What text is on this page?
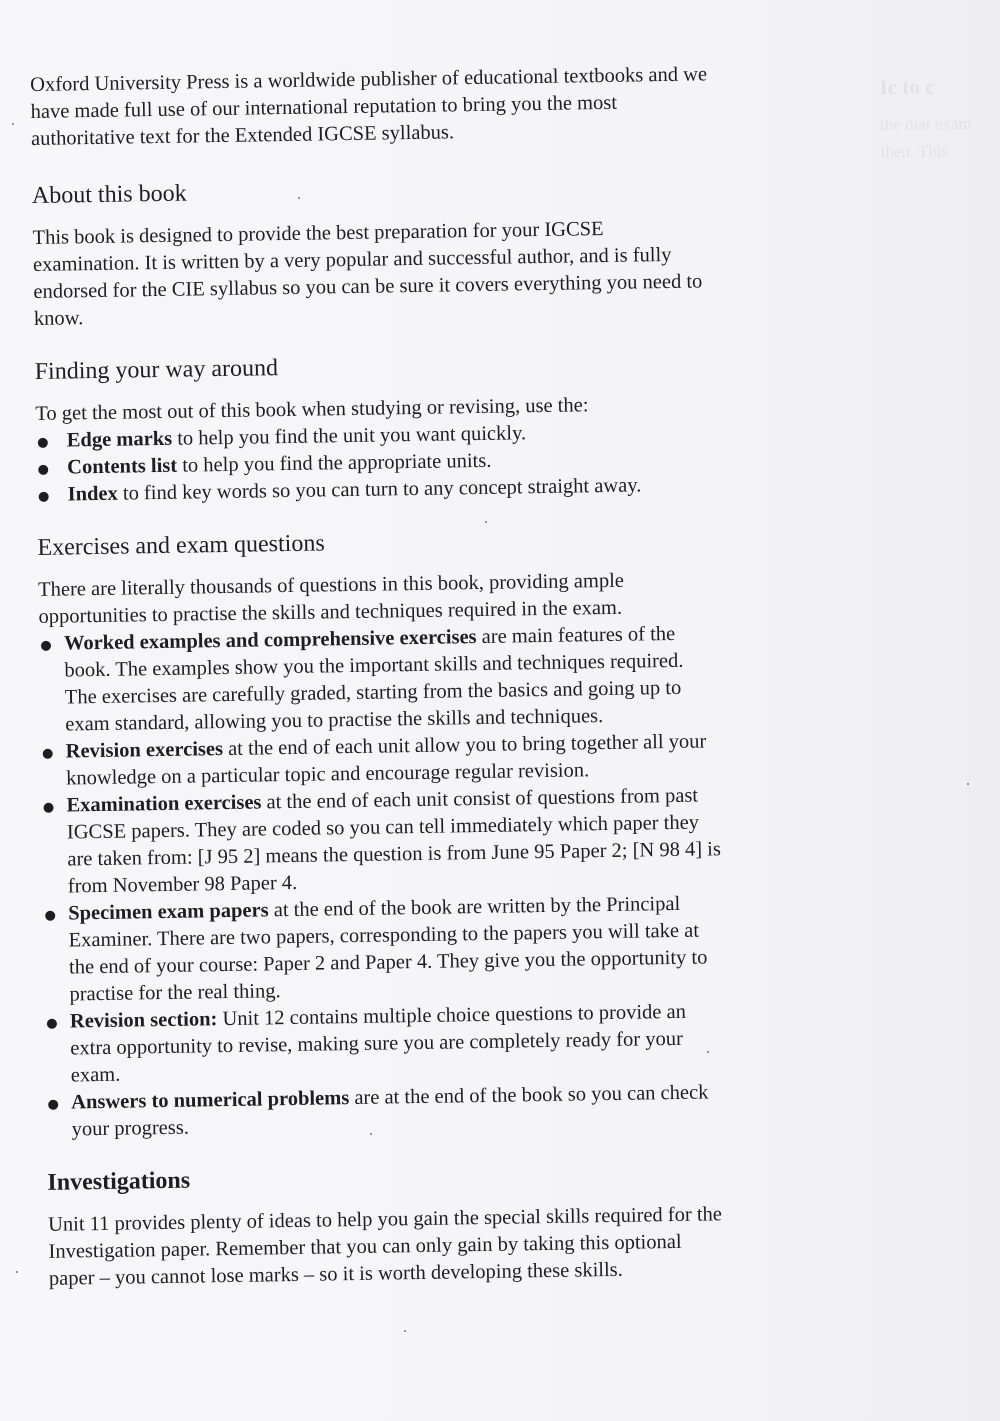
Ic to c
the diat exam
then. This

Oxford University Press is a worldwide publisher of educational textbooks and we have made full use of our international reputation to bring you the most authoritative text for the Extended IGCSE syllabus.

About this book

This book is designed to provide the best preparation for your IGCSE examination. It is written by a very popular and successful author, and is fully endorsed for the CIE syllabus so you can be sure it covers everything you need to know.

Finding your way around

To get the most out of this book when studying or revising, use the:

Edge marks to help you find the unit you want quickly.
Contents list to help you find the appropriate units.
Index to find key words so you can turn to any concept straight away.
Exercises and exam questions

There are literally thousands of questions in this book, providing ample opportunities to practise the skills and techniques required in the exam.

Worked examples and comprehensive exercises are main features of the book. The examples show you the important skills and techniques required. The exercises are carefully graded, starting from the basics and going up to exam standard, allowing you to practise the skills and techniques.
Revision exercises at the end of each unit allow you to bring together all your knowledge on a particular topic and encourage regular revision.
Examination exercises at the end of each unit consist of questions from past IGCSE papers. They are coded so you can tell immediately which paper they are taken from: [J 95 2] means the question is from June 95 Paper 2; [N 98 4] is from November 98 Paper 4.
Specimen exam papers at the end of the book are written by the Principal Examiner. There are two papers, corresponding to the papers you will take at the end of your course: Paper 2 and Paper 4. They give you the opportunity to practise for the real thing.
Revision section: Unit 12 contains multiple choice questions to provide an extra opportunity to revise, making sure you are completely ready for your exam.
Answers to numerical problems are at the end of the book so you can check your progress.
Investigations

Unit 11 provides plenty of ideas to help you gain the special skills required for the Investigation paper. Remember that you can only gain by taking this optional paper – you cannot lose marks – so it is worth developing these skills.
